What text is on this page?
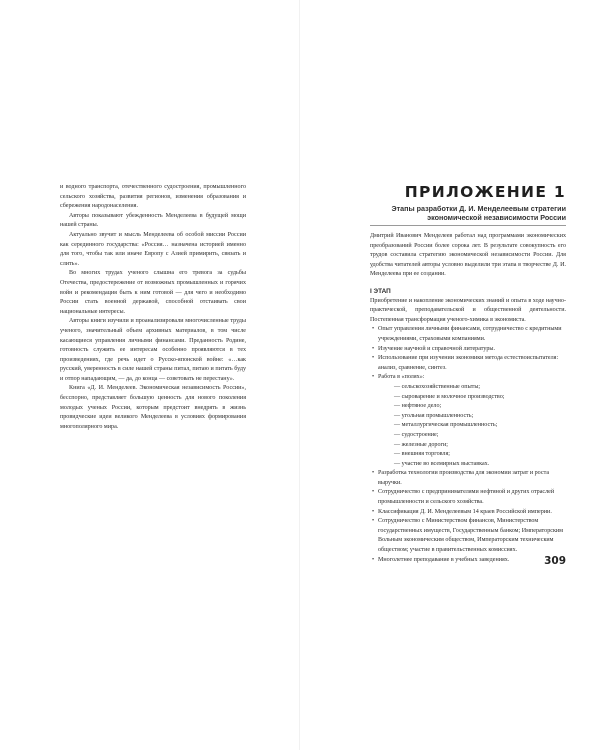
и водного транспорта, отечественного судостроения, промышленного сельского хозяйства, развития регионов, изменения образования и сбережения народонаселения.

Авторы показывают убежденность Менделеева в будущей мощи нашей страны.

Актуально звучит и мысль Менделеева об особой миссии России как серединного государства: «Россия… назначена историей именно для того, чтобы так или иначе Европу с Азией примирить, связать и слить».

Во многих трудах ученого слышна его тревога за судьбы Отечества, предостережение от возможных промышленных и горячих войн и рекомендация быть к ним готовой — для чего и необходимо России стать военной державой, способной отстаивать свои национальные интересы.

Авторы книги изучили и проанализировали многочисленные труды ученого, значительный объем архивных материалов, в том числе касающиеся управления личными финансами. Преданность Родине, готовность служить ее интересам особенно проявляются в тех произведениях, где речь идет о Русско-японской войне: «…как русский, уверенность в силе нашей страны питал, питаю и питать буду и отпор нападающим, — да, до конца — советовать не перестану».

Книга «Д. И. Менделеев. Экономическая независимость России», бесспорно, представляет большую ценность для нового поколения молодых ученых России, которым предстоит внедрять в жизнь провидческие идеи великого Менделеева в условиях формирования многополярного мира.

ПРИЛОЖЕНИЕ 1
Этапы разработки Д. И. Менделеевым стратегии экономической независимости России

Дмитрий Иванович Менделеев работал над программами экономических преобразований России более сорока лет. В результате совокупность его трудов составила стратегию экономической независимости России. Для удобства читателей авторы условно выделили три этапа в творчестве Д. И. Менделеева при ее создании.

I ЭТАП

Приобретение и накопление экономических знаний и опыта в ходе научно-практической, преподавательской и общественной деятельности. Постепенная трансформация ученого-химика в экономиста.

• Опыт управления личными финансами, сотрудничество с кредитными учреждениями, страховыми компаниями.
• Изучение научной и справочной литературы.
• Использование при изучении экономики метода естествоиспытателя: анализ, сравнение, синтез.
• Работа в «полях»:
— сельскохозяйственные опыты;
— сыроварение и молочное производство;
— нефтяное дело;
— угольная промышленность;
— металлургическая промышленность;
— судостроение;
— железные дороги;
— внешняя торговля;
— участие во всемирных выставках.
• Разработка технологии производства для экономии затрат и роста выручки.
• Сотрудничество с предпринимателями нефтяной и других отраслей промышленности и сельского хозяйства.
• Классификация Д. И. Менделеевым 14 краев Российской империи.
• Сотрудничество с Министерством финансов, Министерством государственных имуществ, Государственным банком; Императорским Вольным экономическим обществом, Императорским техническим обществом; участие в правительственных комиссиях.
• Многолетнее преподавание в учебных заведениях.	309
